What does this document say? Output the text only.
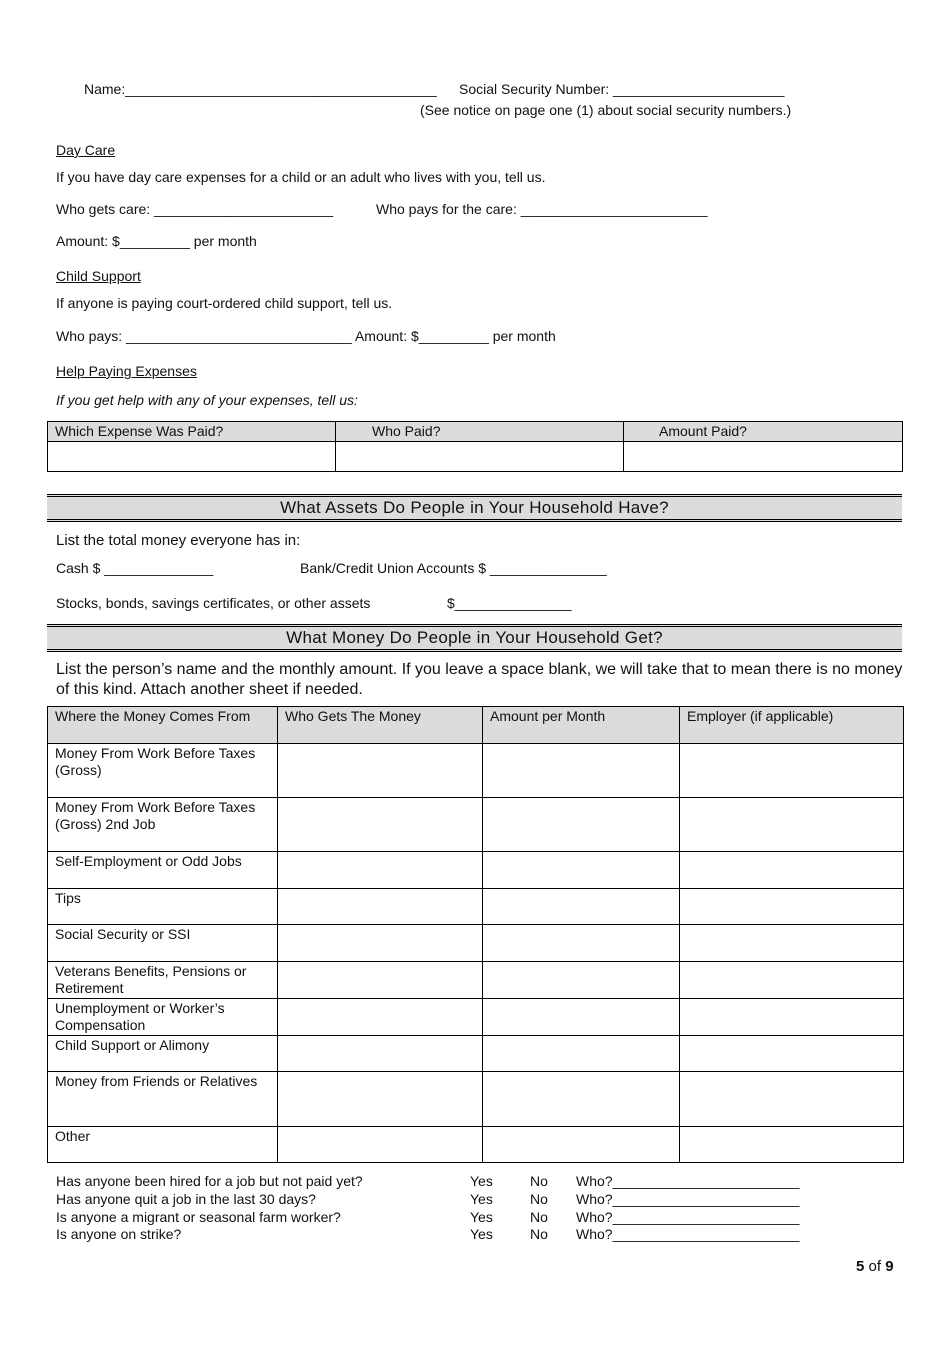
Name:________________________________________ Social Security Number: ______________________
(See notice on page one (1) about social security numbers.)
Day Care
If you have day care expenses for a child or an adult who lives with you, tell us.
Who gets care: _______________________	Who pays for the care: ________________________
Amount: $_________ per month
Child Support
If anyone is paying court-ordered child support, tell us.
Who pays: _____________________________ Amount: $_________ per month
Help Paying Expenses
If you get help with any of your expenses, tell us:
Which Expense Was Paid?	Who Paid?	Amount Paid?

What Assets Do People in Your Household Have?
List the total money everyone has in:
Cash $ ______________	Bank/Credit Union Accounts $ _______________
Stocks, bonds, savings certificates, or other assets	$_______________
What Money Do People in Your Household Get?
List the person’s name and the monthly amount. If you leave a space blank, we will take that to mean there is no money of this kind. Attach another sheet if needed.
Where the Money Comes From	Who Gets The Money	Amount per Month	Employer (if applicable)
Money From Work Before Taxes (Gross)			
Money From Work Before Taxes (Gross) 2nd Job			
Self-Employment or Odd Jobs			
Tips			
Social Security or SSI			
Veterans Benefits, Pensions or Retirement			
Unemployment or Worker’s Compensation			
Child Support or Alimony			
Money from Friends or Relatives			
Other			
Has anyone been hired for a job but not paid yet?	Yes	No Who?________________________
Has anyone quit a job in the last 30 days?	Yes	No Who?________________________
Is anyone a migrant or seasonal farm worker?	Yes	No Who?________________________
Is anyone on strike?	Yes	No Who?________________________
5 of 9
